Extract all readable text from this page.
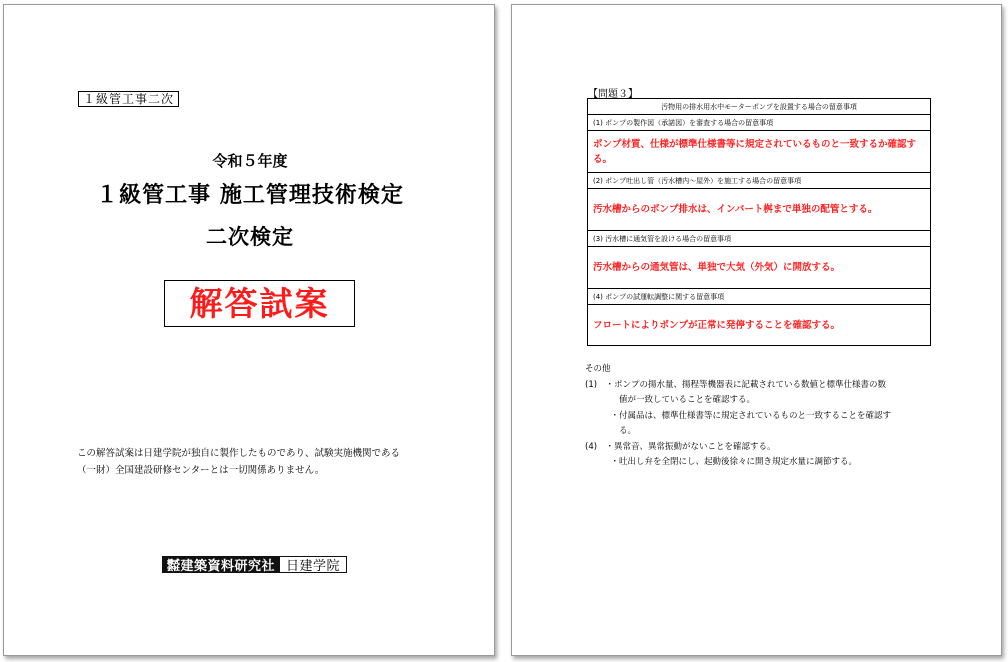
１級管工事二次
令和５年度
１級管工事 施工管理技術検定
二次検定
解答試案
この解答試案は日建学院が独自に製作したものであり、試験実施機関である
（一財）全国建設研修センターとは一切関係ありません。
㍿建築資料研究社 日建学院
【問題３】
汚物用の排水用水中モーターポンプを設置する場合の留意事項
(1) ポンプの製作図（承諾図）を審査する場合の留意事項
ポンプ材質、仕様が標準仕様書等に規定されているものと一致するか確認する。
(2) ポンプ吐出し管（汚水槽内～屋外）を施工する場合の留意事項
汚水槽からのポンプ排水は、インバート桝まで単独の配管とする。
(3) 汚水槽に通気管を設ける場合の留意事項
汚水槽からの通気管は、単独で大気（外気）に開放する。
(4) ポンプの試運転調整に関する留意事項
フロートによりポンプが正常に発停することを確認する。
その他
(1)　・ポンプの揚水量、揚程等機器表に記載されている数値と標準仕様書の数
　　　　値が一致していることを確認する。
　　　・付属品は、標準仕様書等に規定されているものと一致することを確認す
　　　　る。
(4)　・異常音、異常振動がないことを確認する。
　　　・吐出し弁を全閉にし、起動後徐々に開き規定水量に調節する。
